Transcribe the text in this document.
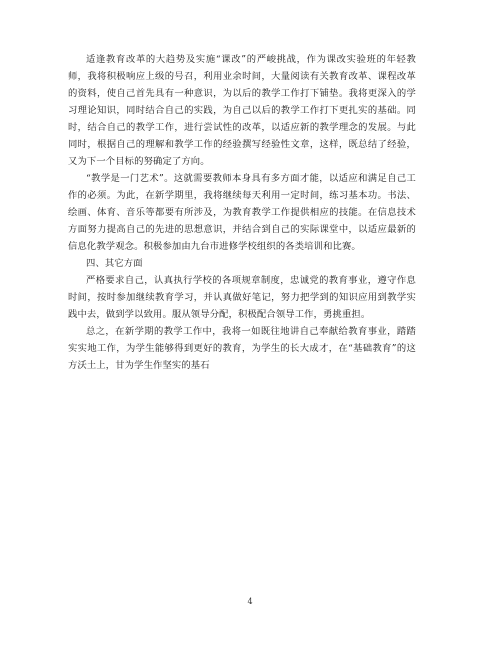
适逢教育改革的大趋势及实施“课改”的严峻挑战，作为课改实验班的年轻教师，我将积极响应上级的号召，利用业余时间，大量阅读有关教育改革、课程改革的资料，使自己首先具有一种意识，为以后的教学工作打下铺垫。我将更深入的学习理论知识，同时结合自己的实践，为自己以后的教学工作打下更扎实的基础。同时，结合自己的教学工作，进行尝试性的改革，以适应新的教学理念的发展。与此同时，根据自己的理解和教学工作的经验撰写经验性文章，这样，既总结了经验，又为下一个目标的努确定了方向。

“教学是一门艺术”。这就需要教师本身具有多方面才能，以适应和满足自己工作的必须。为此，在新学期里，我将继续每天利用一定时间，练习基本功。书法、绘画、体育、音乐等都要有所涉及，为教育教学工作提供相应的技能。在信息技术方面努力提高自己的先进的思想意识，并结合到自己的实际课堂中，以适应最新的信息化教学观念。积极参加由九台市进修学校组织的各类培训和比赛。

四、其它方面

严格要求自己，认真执行学校的各项规章制度，忠诚党的教育事业，遵守作息时间，按时参加继续教育学习，并认真做好笔记，努力把学到的知识应用到教学实践中去，做到学以致用。服从领导分配，积极配合领导工作，勇挑重担。

总之，在新学期的教学工作中，我将一如既往地讲自己奉献给教育事业，踏踏实实地工作，为学生能够得到更好的教育，为学生的长大成才，在“基础教育”的这方沃土上，甘为学生作坚实的基石

4
